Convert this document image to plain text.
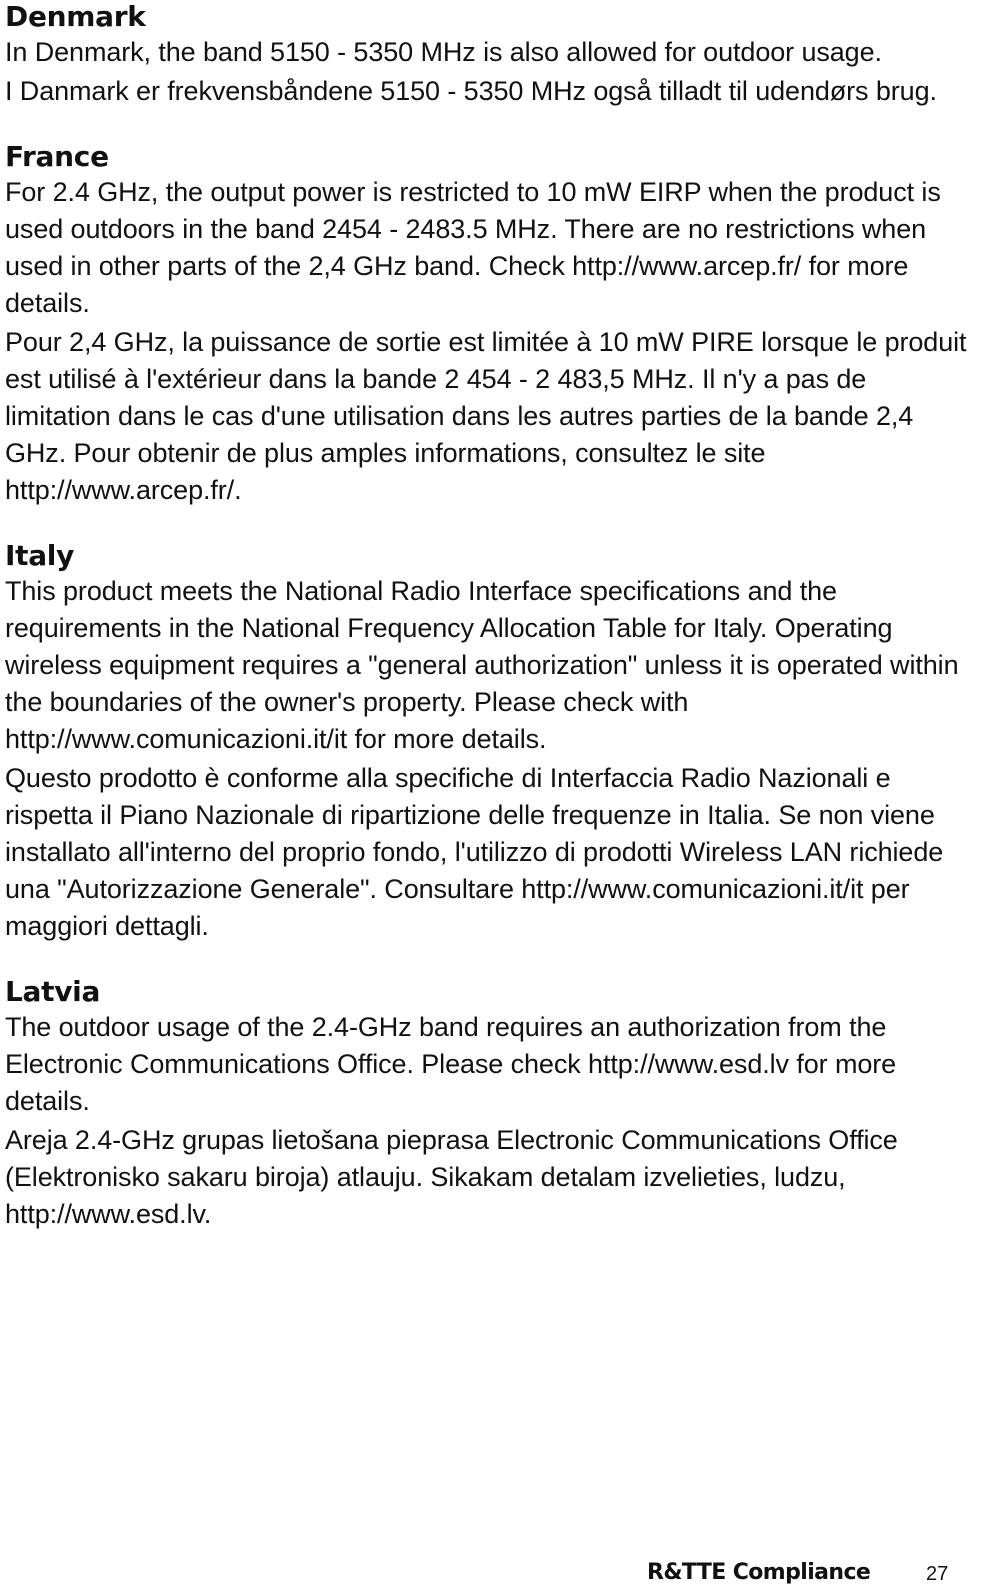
Denmark

In Denmark, the band 5150 - 5350 MHz is also allowed for outdoor usage.

I Danmark er frekvensbåndene 5150 - 5350 MHz også tilladt til udendørs brug.

France

For 2.4 GHz, the output power is restricted to 10 mW EIRP when the product is used outdoors in the band 2454 - 2483.5 MHz. There are no restrictions when used in other parts of the 2,4 GHz band. Check http://www.arcep.fr/ for more details.

Pour 2,4 GHz, la puissance de sortie est limitée à 10 mW PIRE lorsque le produit est utilisé à l'extérieur dans la bande 2 454 - 2 483,5 MHz. Il n'y a pas de limitation dans le cas d'une utilisation dans les autres parties de la bande 2,4 GHz. Pour obtenir de plus amples informations, consultez le site http://www.arcep.fr/.

Italy

This product meets the National Radio Interface specifications and the requirements in the National Frequency Allocation Table for Italy. Operating wireless equipment requires a "general authorization" unless it is operated within the boundaries of the owner's property. Please check with http://www.comunicazioni.it/it for more details.

Questo prodotto è conforme alla specifiche di Interfaccia Radio Nazionali e rispetta il Piano Nazionale di ripartizione delle frequenze in Italia. Se non viene installato all'interno del proprio fondo, l'utilizzo di prodotti Wireless LAN richiede una "Autorizzazione Generale". Consultare http://www.comunicazioni.it/it per maggiori dettagli.

Latvia

The outdoor usage of the 2.4-GHz band requires an authorization from the Electronic Communications Office. Please check http://www.esd.lv for more details.

Areja 2.4-GHz grupas lietošana pieprasa Electronic Communications Office (Elektronisko sakaru biroja) atlauju. Sikakam detalam izvelieties, ludzu, http://www.esd.lv.

R&TTE Compliance	27
